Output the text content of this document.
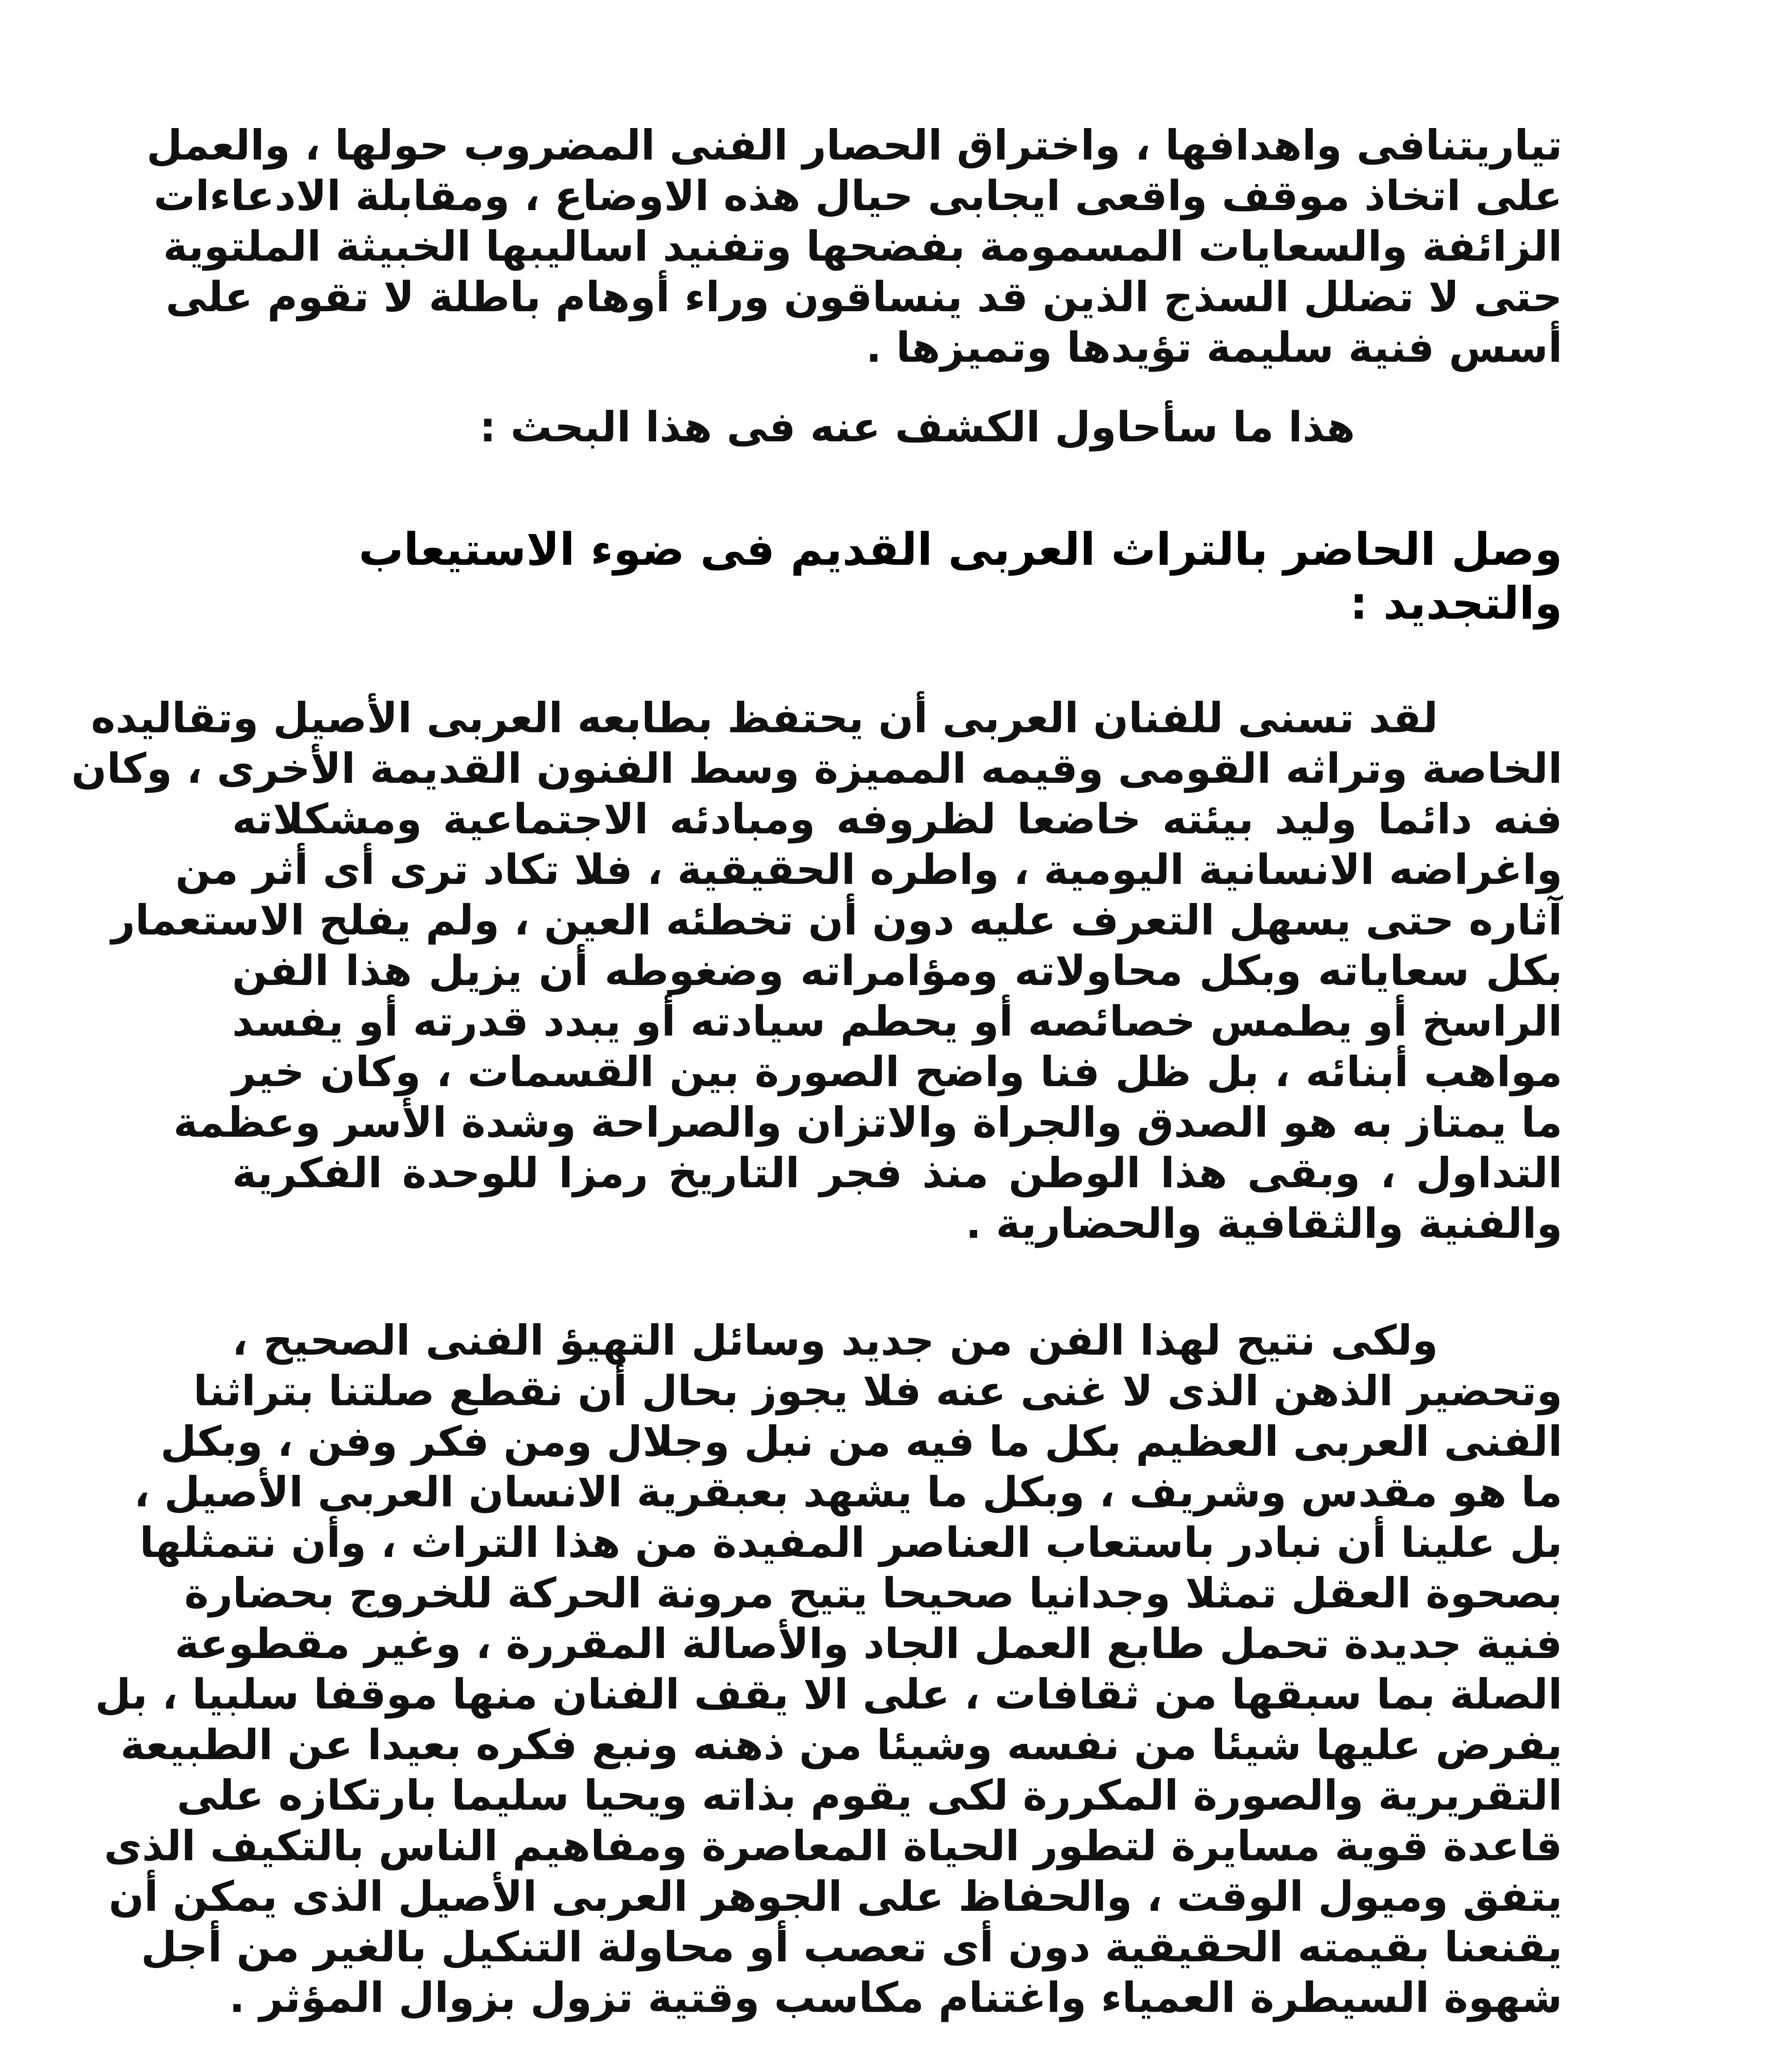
تياريتنافى واهدافها ، واختراق الحصار الفنى المضروب حولها ، والعمل
على اتخاذ موقف واقعى ايجابى حيال هذه الاوضاع ، ومقابلة الادعاءات
الزائفة والسعايات المسمومة بفضحها وتفنيد اساليبها الخبيثة الملتوية
حتى لا تضلل السذج الذين قد ينساقون وراء أوهام باطلة لا تقوم على
أسس فنية سليمة تؤيدها وتميزها .

هذا ما سأحاول الكشف عنه فى هذا البحث :

وصل الحاضر بالتراث العربى القديم فى ضوء الاستيعاب والتجديد :

لقد تسنى للفنان العربى أن يحتفظ بطابعه العربى الأصيل وتقاليده
الخاصة وتراثه القومى وقيمه المميزة وسط الفنون القديمة الأخرى ، وكان
فنه دائما وليد بيئته خاضعا لظروفه ومبادئه الاجتماعية ومشكلاته
واغراضه الانسانية اليومية ، واطره الحقيقية ، فلا تكاد ترى أى أثر من
آثاره حتى يسهل التعرف عليه دون أن تخطئه العين ، ولم يفلح الاستعمار
بكل سعاياته وبكل محاولاته ومؤامراته وضغوطه أن يزيل هذا الفن
الراسخ أو يطمس خصائصه أو يحطم سيادته أو يبدد قدرته أو يفسد
مواهب أبنائه ، بل ظل فنا واضح الصورة بين القسمات ، وكان خير
ما يمتاز به هو الصدق والجراة والاتزان والصراحة وشدة الأسر وعظمة
التداول ، وبقى هذا الوطن منذ فجر التاريخ رمزا للوحدة الفكرية
والفنية والثقافية والحضارية .

ولكى نتيح لهذا الفن من جديد وسائل التهيؤ الفنى الصحيح ،
وتحضير الذهن الذى لا غنى عنه فلا يجوز بحال أن نقطع صلتنا بتراثنا
الفنى العربى العظيم بكل ما فيه من نبل وجلال ومن فكر وفن ، وبكل
ما هو مقدس وشريف ، وبكل ما يشهد بعبقرية الانسان العربى الأصيل ،
بل علينا أن نبادر باستعاب العناصر المفيدة من هذا التراث ، وأن نتمثلها
بصحوة العقل تمثلا وجدانيا صحيحا يتيح مرونة الحركة للخروج بحضارة
فنية جديدة تحمل طابع العمل الجاد والأصالة المقررة ، وغير مقطوعة
الصلة بما سبقها من ثقافات ، على الا يقف الفنان منها موقفا سلبيا ، بل
يفرض عليها شيئا من نفسه وشيئا من ذهنه ونبع فكره بعيدا عن الطبيعة
التقريرية والصورة المكررة لكى يقوم بذاته ويحيا سليما بارتكازه على
قاعدة قوية مسايرة لتطور الحياة المعاصرة ومفاهيم الناس بالتكيف الذى
يتفق وميول الوقت ، والحفاظ على الجوهر العربى الأصيل الذى يمكن أن
يقنعنا بقيمته الحقيقية دون أى تعصب أو محاولة التنكيل بالغير من أجل
شهوة السيطرة العمياء واغتنام مكاسب وقتية تزول بزوال المؤثر .
